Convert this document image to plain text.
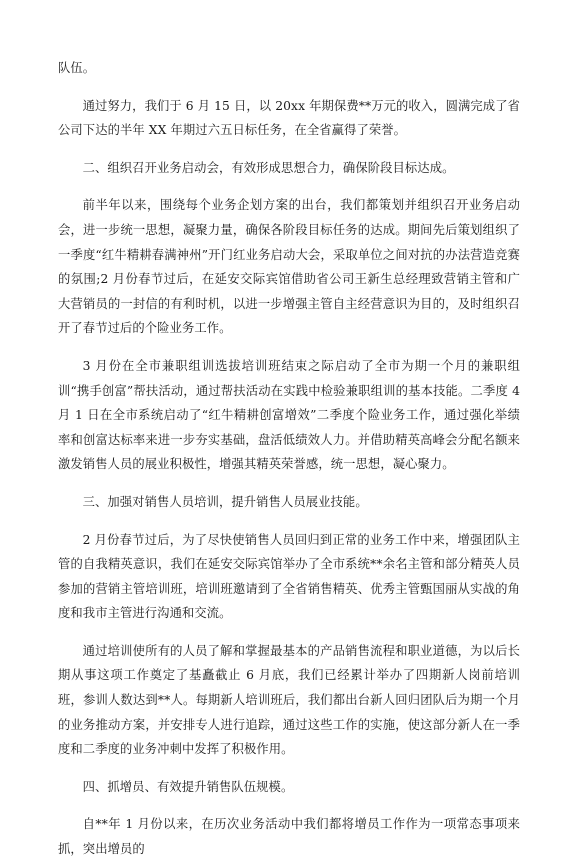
队伍。

通过努力，我们于 6 月 15 日，以 20xx 年期保费**万元的收入，圆满完成了省公司下达的半年 XX 年期过六五日标任务，在全省赢得了荣誉。

二、组织召开业务启动会，有效形成思想合力，确保阶段目标达成。

前半年以来，围绕每个业务企划方案的出台，我们都策划并组织召开业务启动会，进一步统一思想，凝聚力量，确保各阶段目标任务的达成。期间先后策划组织了一季度“红牛精耕春满神州”开门红业务启动大会，采取单位之间对抗的办法营造竞赛的氛围;2 月份春节过后，在延安交际宾馆借助省公司王新生总经理致营销主管和广大营销员的一封信的有利时机，以进一步增强主管自主经营意识为目的，及时组织召开了春节过后的个险业务工作。

3 月份在全市兼职组训选拔培训班结束之际启动了全市为期一个月的兼职组训“携手创富”帮扶活动，通过帮扶活动在实践中检验兼职组训的基本技能。二季度 4 月 1 日在全市系统启动了“红牛精耕创富增效”二季度个险业务工作，通过强化举绩率和创富达标率来进一步夯实基础，盘活低绩效人力。并借助精英高峰会分配名额来激发销售人员的展业积极性，增强其精英荣誉感，统一思想，凝心聚力。

三、加强对销售人员培训，提升销售人员展业技能。

2 月份春节过后，为了尽快使销售人员回归到正常的业务工作中来，增强团队主管的自我精英意识，我们在延安交际宾馆举办了全市系统**余名主管和部分精英人员参加的营销主管培训班，培训班邀请到了全省销售精英、优秀主管甄国丽从实战的角度和我市主管进行沟通和交流。

通过培训使所有的人员了解和掌握最基本的产品销售流程和职业道德，为以后长期从事这项工作奠定了基矗截止 6 月底，我们已经累计举办了四期新人岗前培训班，参训人数达到**人。每期新人培训班后，我们都出台新人回归团队后为期一个月的业务推动方案，并安排专人进行追踪，通过这些工作的实施，使这部分新人在一季度和二季度的业务冲刺中发挥了积极作用。

四、抓增员、有效提升销售队伍规模。

自**年 1 月份以来，在历次业务活动中我们都将增员工作作为一项常态事项来抓，突出增员的
